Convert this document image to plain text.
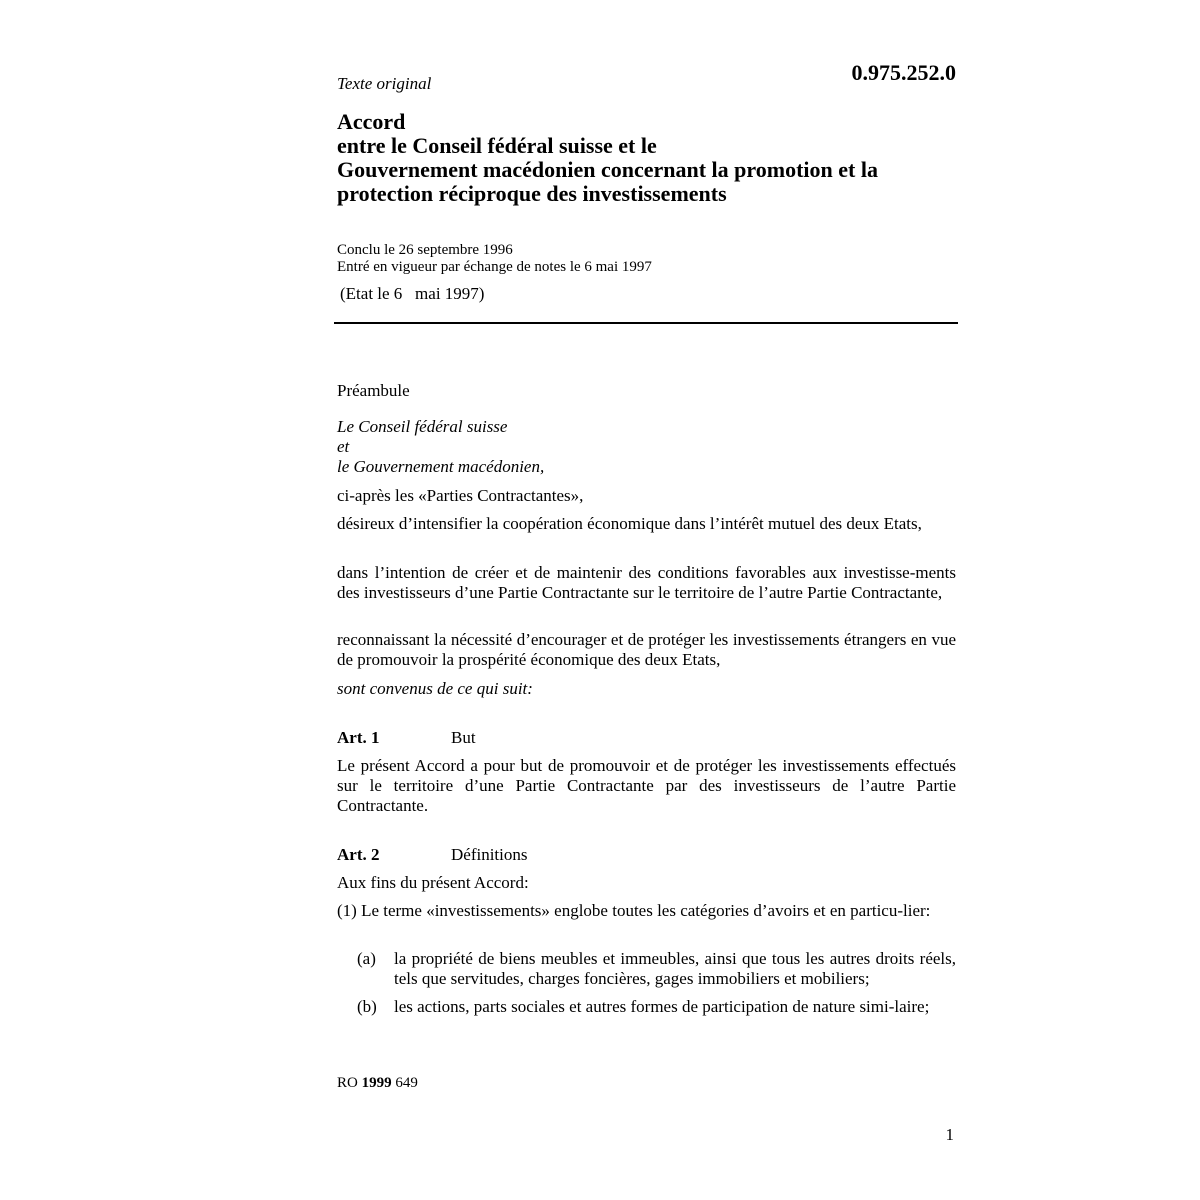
0.975.252.0
Texte original
Accord
entre le Conseil fédéral suisse et le
Gouvernement macédonien concernant la promotion et la
protection réciproque des investissements
Conclu le 26 septembre 1996
Entré en vigueur par échange de notes le 6 mai 1997
(Etat le 6   mai 1997)
Préambule
Le Conseil fédéral suisse
et
le Gouvernement macédonien,

ci-après les «Parties Contractantes»,

désireux d’intensifier la coopération économique dans l’intérêt mutuel des deux Etats,

dans l’intention de créer et de maintenir des conditions favorables aux investisse-ments des investisseurs d’une Partie Contractante sur le territoire de l’autre Partie Contractante,

reconnaissant la nécessité d’encourager et de protéger les investissements étrangers en vue de promouvoir la prospérité économique des deux Etats,

sont convenus de ce qui suit:

Art. 1	But

Le présent Accord a pour but de promouvoir et de protéger les investissements effectués sur le territoire d’une Partie Contractante par des investisseurs de l’autre Partie Contractante.

Art. 2	Définitions

Aux fins du présent Accord:

(1) Le terme «investissements» englobe toutes les catégories d’avoirs et en particu-lier:

(a)	la propriété de biens meubles et immeubles, ainsi que tous les autres droits réels, tels que servitudes, charges foncières, gages immobiliers et mobiliers;
(b)	les actions, parts sociales et autres formes de participation de nature simi-laire;
RO 1999 649
1
